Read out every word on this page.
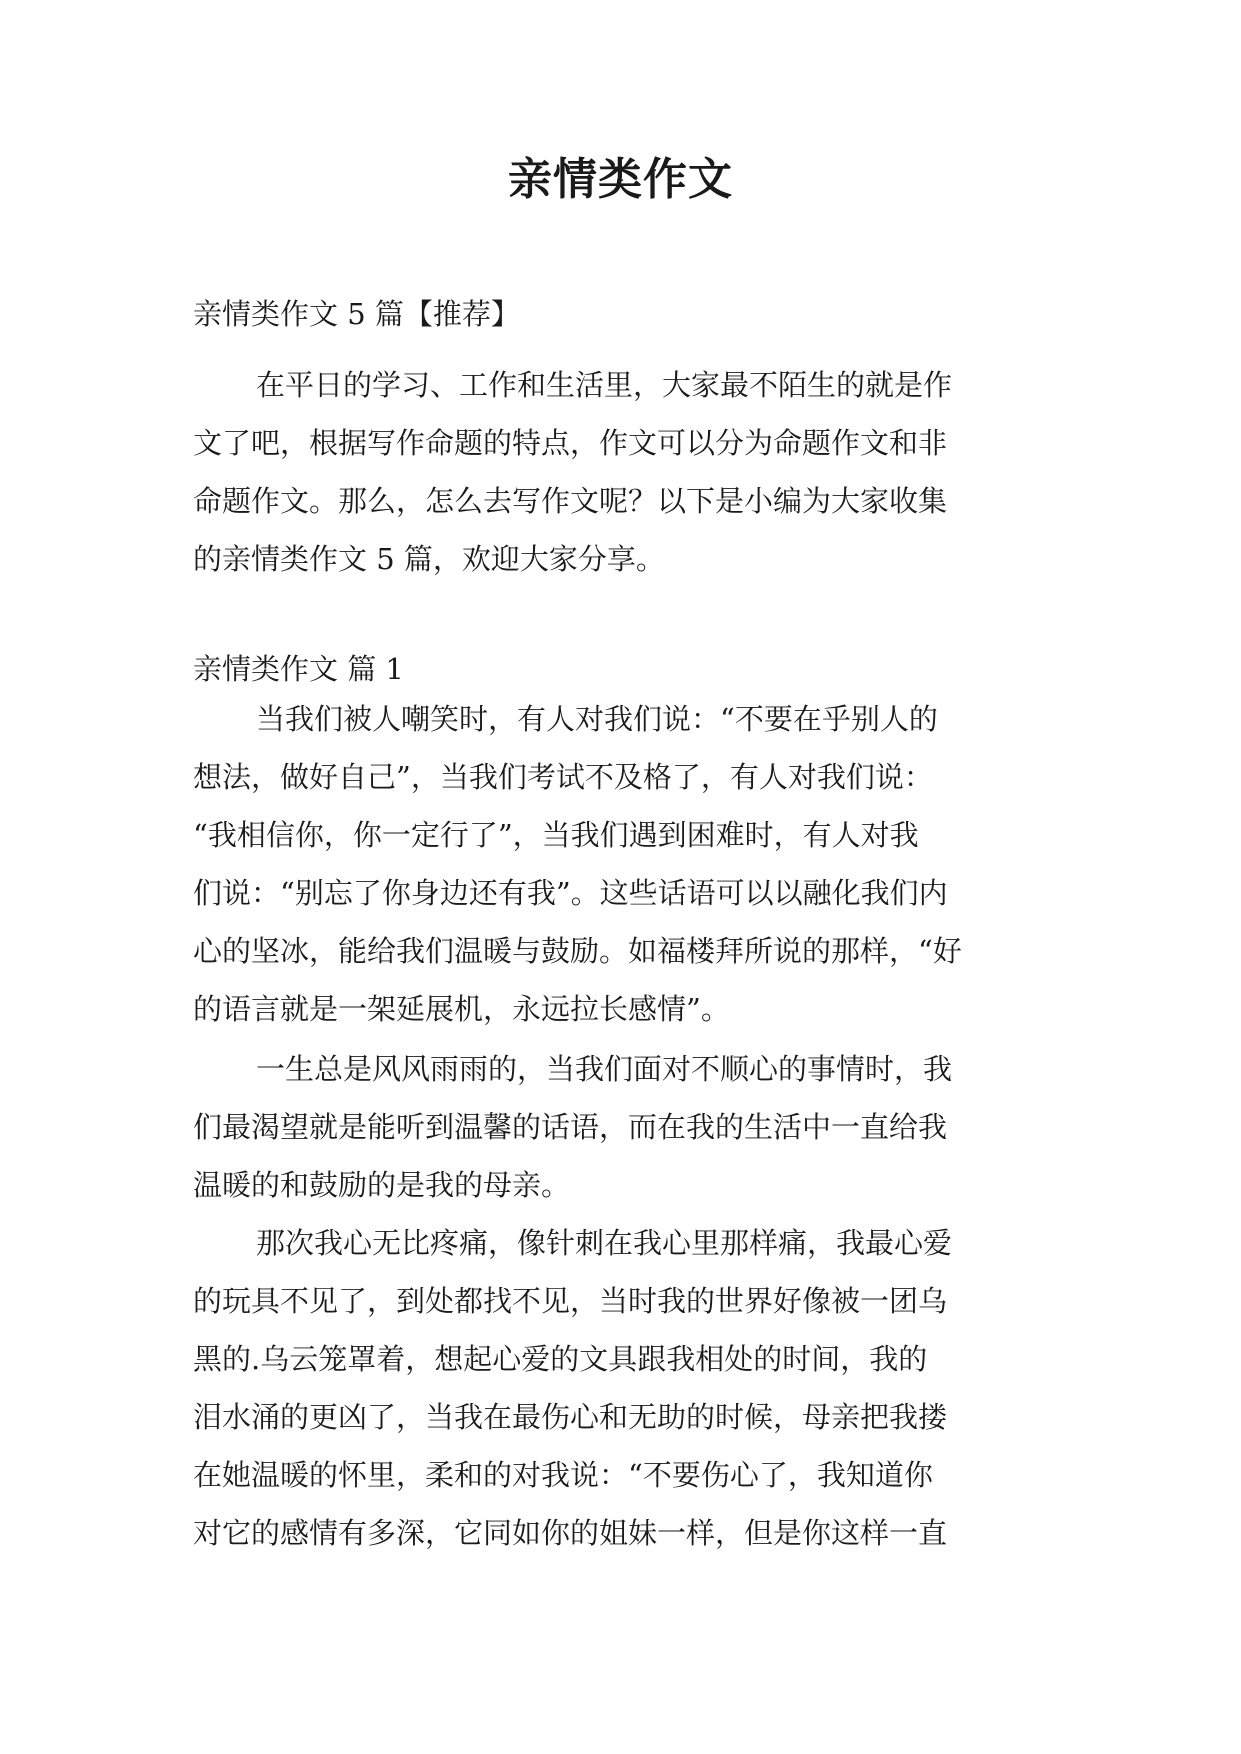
亲情类作文
亲情类作文 5 篇【推荐】
在平日的学习、工作和生活里，大家最不陌生的就是作
文了吧，根据写作命题的特点，作文可以分为命题作文和非
命题作文。那么，怎么去写作文呢？以下是小编为大家收集
的亲情类作文 5 篇，欢迎大家分享。
亲情类作文 篇 1
当我们被人嘲笑时，有人对我们说：“不要在乎别人的
想法，做好自己”，当我们考试不及格了，有人对我们说：
“我相信你，你一定行了”，当我们遇到困难时，有人对我
们说：“别忘了你身边还有我”。这些话语可以以融化我们内
心的坚冰，能给我们温暖与鼓励。如福楼拜所说的那样，“好
的语言就是一架延展机，永远拉长感情”。
一生总是风风雨雨的，当我们面对不顺心的事情时，我
们最渴望就是能听到温馨的话语，而在我的生活中一直给我
温暖的和鼓励的是我的母亲。
那次我心无比疼痛，像针刺在我心里那样痛，我最心爱
的玩具不见了，到处都找不见，当时我的世界好像被一团乌
黑的.乌云笼罩着，想起心爱的文具跟我相处的时间，我的
泪水涌的更凶了，当我在最伤心和无助的时候，母亲把我搂
在她温暖的怀里，柔和的对我说：“不要伤心了，我知道你
对它的感情有多深，它同如你的姐妹一样，但是你这样一直
